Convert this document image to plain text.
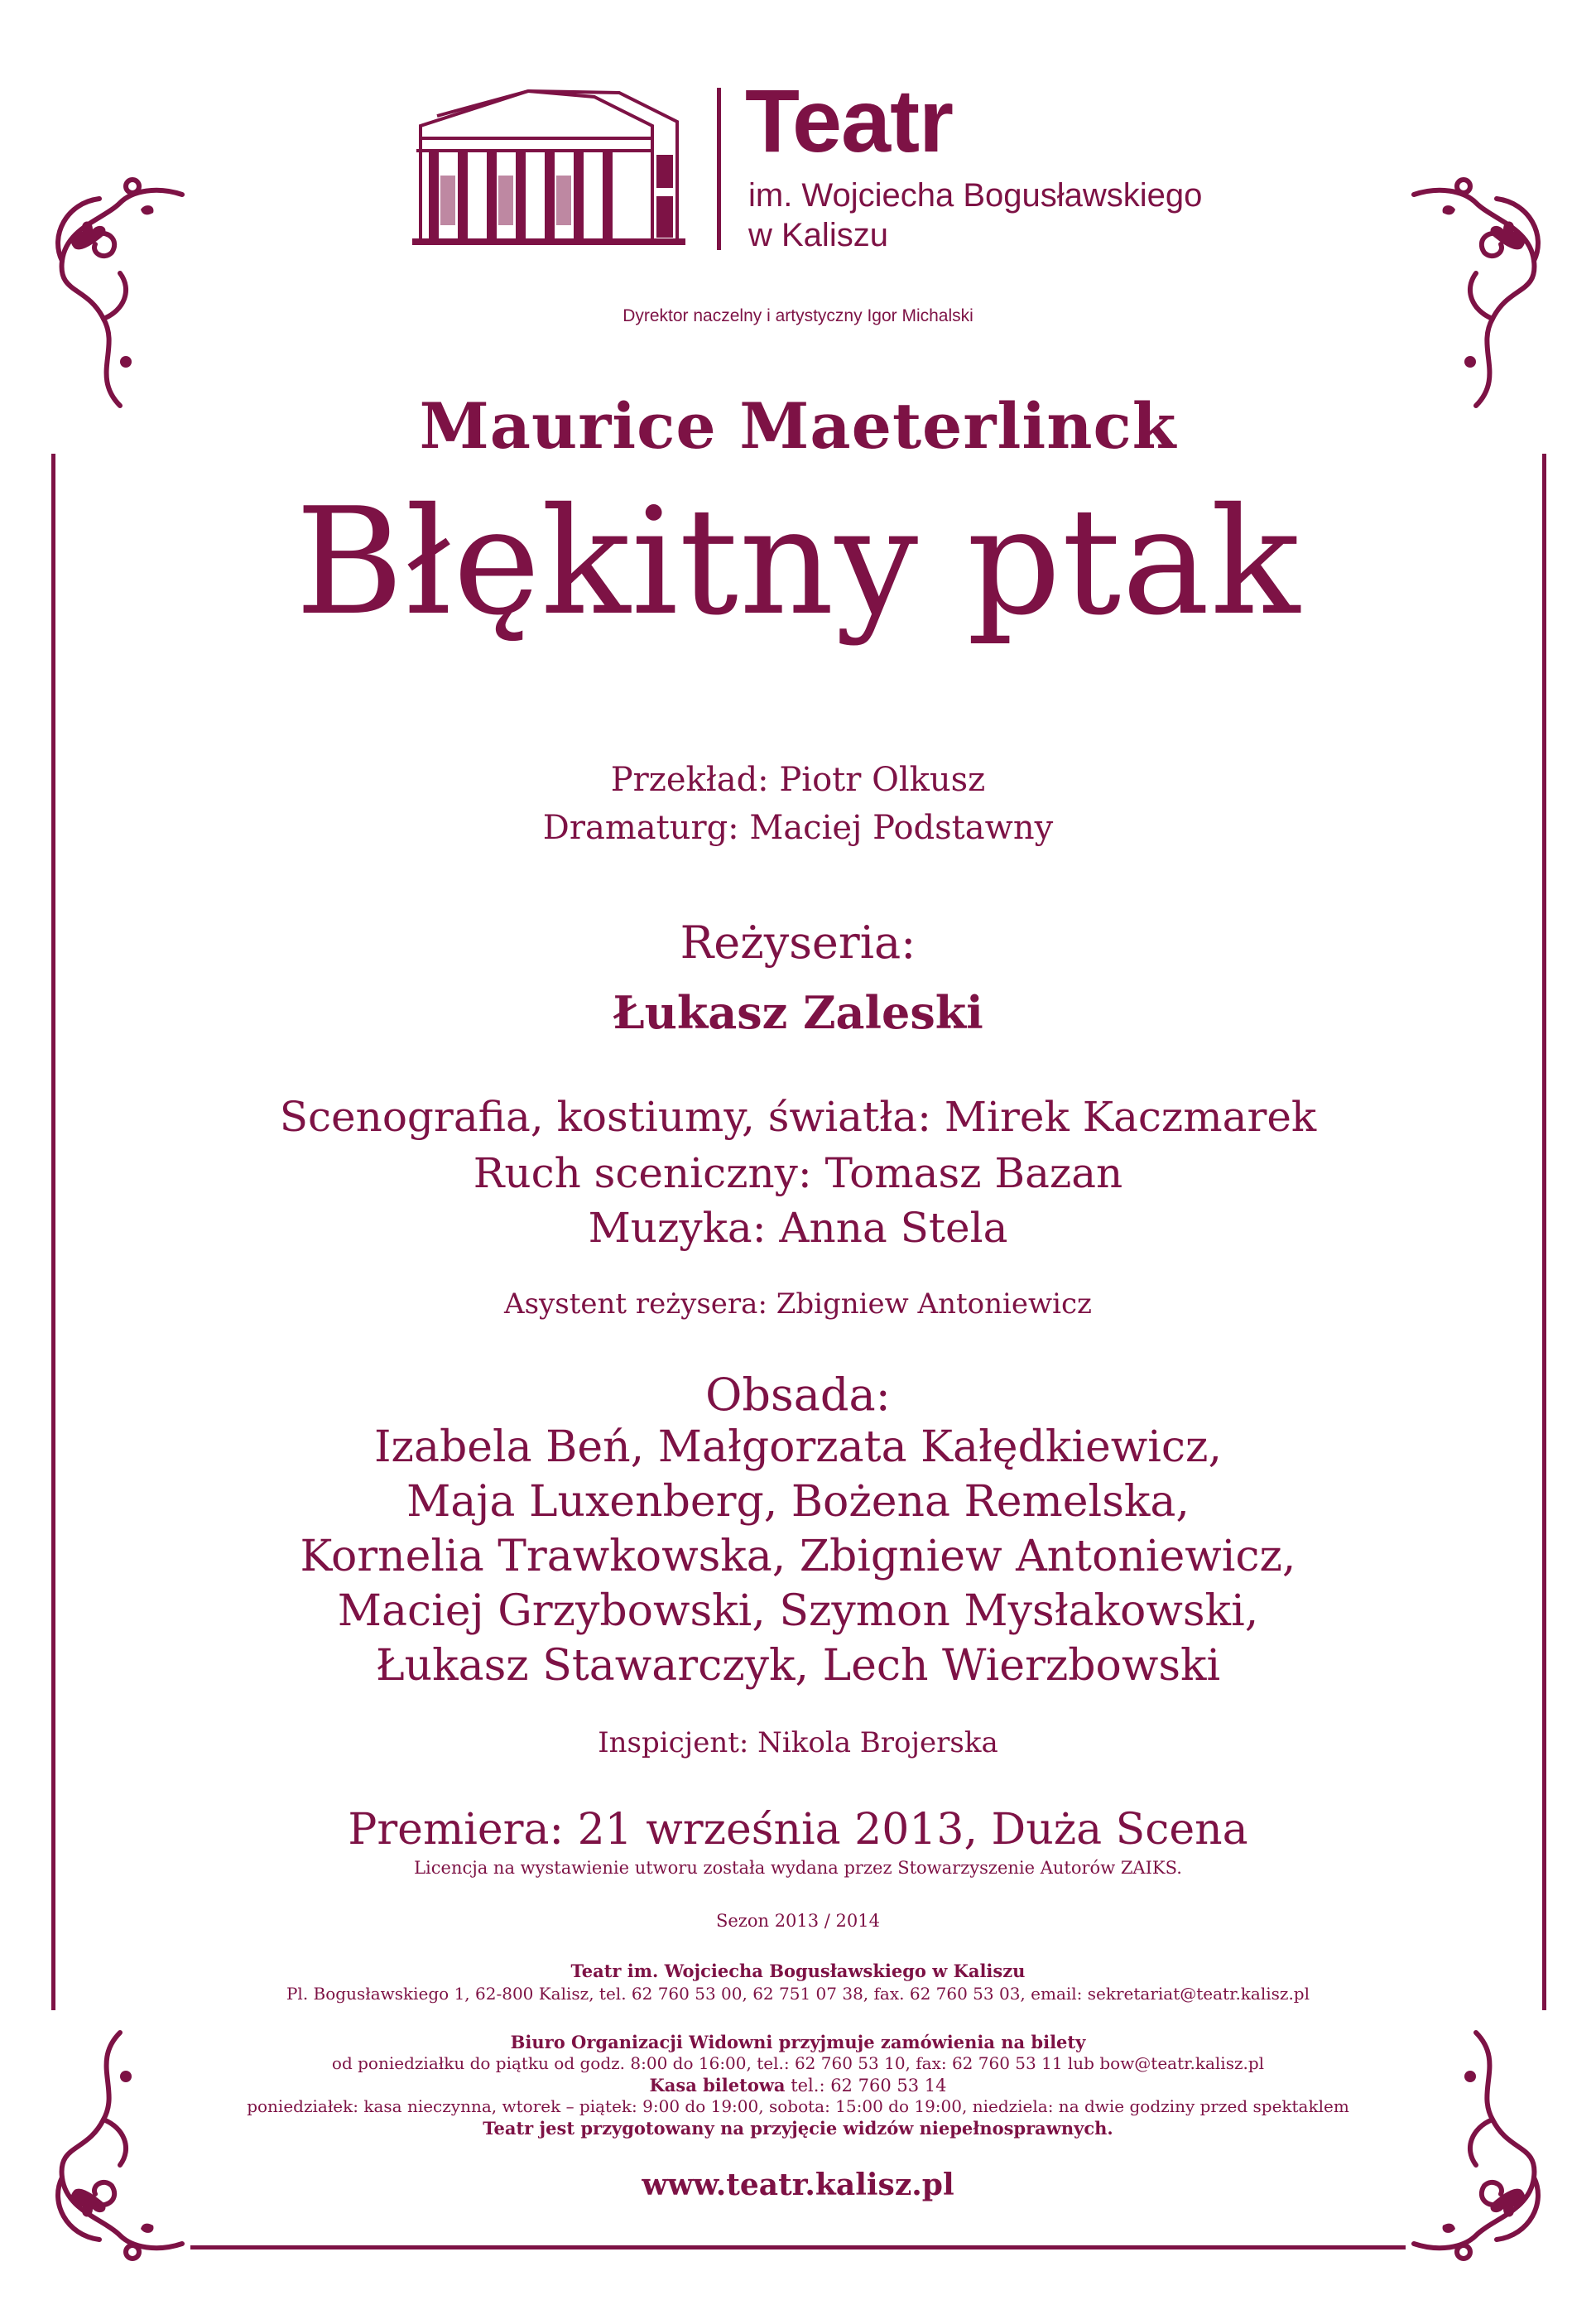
Teatr
im. Wojciecha Bogusławskiego
w Kaliszu
Dyrektor naczelny i artystyczny Igor Michalski
Maurice Maeterlinck
Błękitny ptak
Przekład: Piotr Olkusz
Dramaturg: Maciej Podstawny
Reżyseria:
Łukasz Zaleski
Scenografia, kostiumy, światła: Mirek Kaczmarek
Ruch sceniczny: Tomasz Bazan
Muzyka: Anna Stela
Asystent reżysera: Zbigniew Antoniewicz
Obsada:
Izabela Beń, Małgorzata Kałędkiewicz,
Maja Luxenberg, Bożena Remelska,
Kornelia Trawkowska, Zbigniew Antoniewicz,
Maciej Grzybowski, Szymon Mysłakowski,
Łukasz Stawarczyk, Lech Wierzbowski
Inspicjent: Nikola Brojerska
Premiera: 21 września 2013, Duża Scena
Licencja na wystawienie utworu została wydana przez Stowarzyszenie Autorów ZAIKS.
Sezon 2013 / 2014
Teatr im. Wojciecha Bogusławskiego w Kaliszu
Pl. Bogusławskiego 1, 62-800 Kalisz, tel. 62 760 53 00, 62 751 07 38, fax. 62 760 53 03, email: sekretariat@teatr.kalisz.pl
Biuro Organizacji Widowni przyjmuje zamówienia na bilety
od poniedziałku do piątku od godz. 8:00 do 16:00, tel.: 62 760 53 10, fax: 62 760 53 11 lub bow@teatr.kalisz.pl
Kasa biletowa tel.: 62 760 53 14
poniedziałek: kasa nieczynna, wtorek – piątek: 9:00 do 19:00, sobota: 15:00 do 19:00, niedziela: na dwie godziny przed spektaklem
Teatr jest przygotowany na przyjęcie widzów niepełnosprawnych.
www.teatr.kalisz.pl
